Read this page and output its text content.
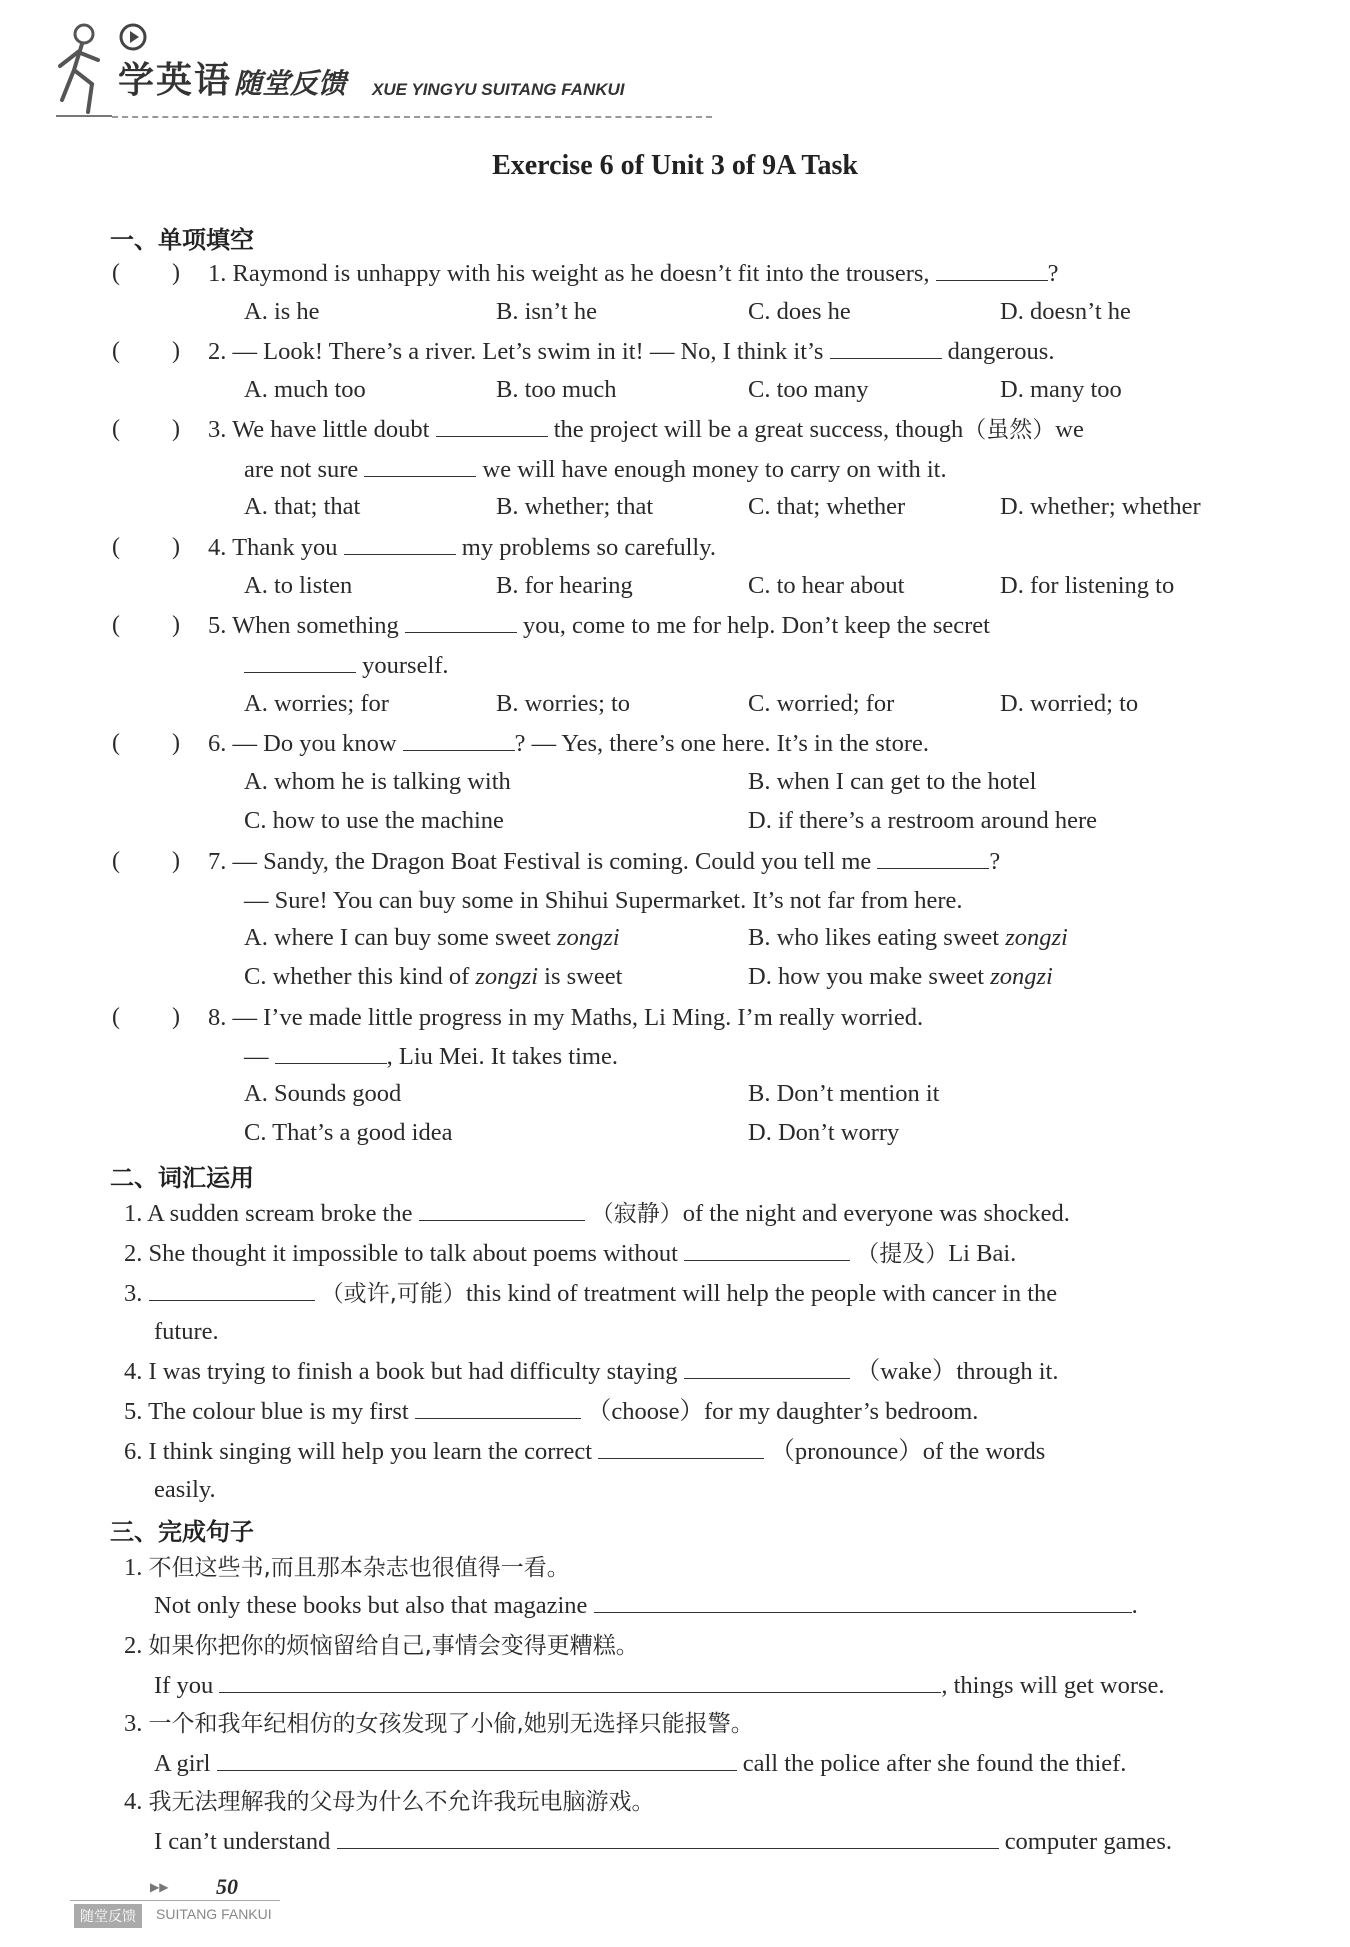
学英语 随堂反馈 XUE YINGYU SUITANG FANKUI
Exercise 6 of Unit 3 of 9A Task
一、单项填空
( ) 1. Raymond is unhappy with his weight as he doesn’t fit into the trousers,	?
A. is he	B. isn’t he	C. does he	D. doesn’t he
( ) 2. — Look! There’s a river. Let’s swim in it! — No, I think it’s	dangerous.
A. much too	B. too much	C. too many	D. many too
( ) 3. We have little doubt	the project will be a great success, though（虽然）we
are not sure	we will have enough money to carry on with it.
A. that; that	B. whether; that	C. that; whether	D. whether; whether
( ) 4. Thank you	my problems so carefully.
A. to listen	B. for hearing	C. to hear about	D. for listening to
( ) 5. When something	you, come to me for help. Don’t keep the secret
yourself.
A. worries; for	B. worries; to	C. worried; for	D. worried; to
( ) 6. — Do you know	? — Yes, there’s one here. It’s in the store.
A. whom he is talking with	B. when I can get to the hotel
C. how to use the machine	D. if there’s a restroom around here
( ) 7. — Sandy, the Dragon Boat Festival is coming. Could you tell me	?
— Sure! You can buy some in Shihui Supermarket. It’s not far from here.
A. where I can buy some sweet zongzi	B. who likes eating sweet zongzi
C. whether this kind of zongzi is sweet	D. how you make sweet zongzi
( ) 8. — I’ve made little progress in my Maths, Li Ming. I’m really worried.
—	, Liu Mei. It takes time.
A. Sounds good	B. Don’t mention it
C. That’s a good idea	D. Don’t worry
二、词汇运用
1. A sudden scream broke the	（寂静）of the night and everyone was shocked.
2. She thought it impossible to talk about poems without	（提及）Li Bai.
3.	（或许,可能）this kind of treatment will help the people with cancer in the
future.
4. I was trying to finish a book but had difficulty staying	（wake）through it.
5. The colour blue is my first	（choose）for my daughter’s bedroom.
6. I think singing will help you learn the correct	（pronounce）of the words
easily.
三、完成句子
1. 不但这些书,而且那本杂志也很值得一看。
Not only these books but also that magazine	.
2. 如果你把你的烦恼留给自己,事情会变得更糟糕。
If you	, things will get worse.
3. 一个和我年纪相仿的女孩发现了小偷,她别无选择只能报警。
A girl	call the police after she found the thief.
4. 我无法理解我的父母为什么不允许我玩电脑游戏。
I can’t understand	computer games.
▶▶ 50
随堂反馈	SUITANG FANKUI
